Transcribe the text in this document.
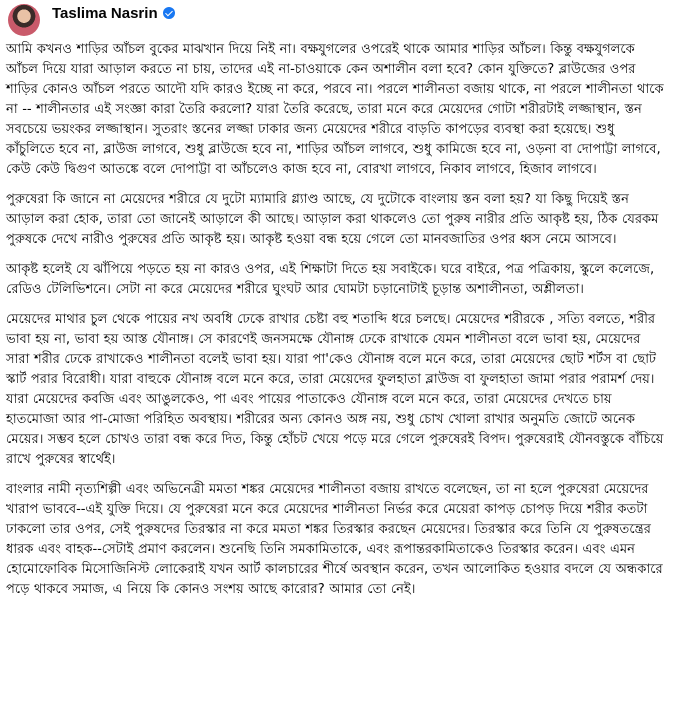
Taslima Nasrin

আমি কখনও শাড়ির আঁচল বুকের মাঝখান দিয়ে নিই না। বক্ষযুগলের ওপরেই থাকে আমার শাড়ির আঁচল। কিন্তু বক্ষযুগলকে আঁচল দিয়ে যারা আড়াল করতে না চায়, তাদের এই না-চাওয়াকে কেন অশালীন বলা হবে? কোন যুক্তিতে? ব্লাউজের ওপর শাড়ির কোনও আঁচল পরতে আদৌ যদি কারও ইচ্ছে না করে, পরবে না। পরলে শালীনতা বজায় থাকে, না পরলে শালীনতা থাকে না -- শালীনতার এই সংজ্ঞা কারা তৈরি করলো? যারা তৈরি করেছে, তারা মনে করে মেয়েদের গোটা শরীরটাই লজ্জাস্থান, স্তন সবচেয়ে ভয়ংকর লজ্জাস্থান। সুতরাং স্তনের লজ্জা ঢাকার জন্য মেয়েদের শরীরে বাড়তি কাপড়ের ব্যবস্থা করা হয়েছে। শুধু কাঁচুলিতে হবে না, ব্লাউজ লাগবে, শুধু ব্লাউজে হবে না, শাড়ির আঁচল লাগবে, শুধু কামিজে হবে না, ওড়না বা দোপাট্টা লাগবে, কেউ কেউ দ্বিগুণ আতঙ্কে বলে দোপাট্টা বা আঁচলেও কাজ হবে না, বোরখা লাগবে, নিকাব লাগবে, হিজাব লাগবে।

পুরুষেরা কি জানে না মেয়েদের শরীরে যে দুটো ম্যামারি গ্ল্যাণ্ড আছে, যে দুটোকে বাংলায় স্তন বলা হয়? যা কিছু দিয়েই স্তন আড়াল করা হোক, তারা তো জানেই আড়ালে কী আছে। আড়াল করা থাকলেও তো পুরুষ নারীর প্রতি আকৃষ্ট হয়, ঠিক যেরকম পুরুষকে দেখে নারীও পুরুষের প্রতি আকৃষ্ট হয়। আকৃষ্ট হওয়া বন্ধ হয়ে গেলে তো মানবজাতির ওপর ধ্বস নেমে আসবে।

আকৃষ্ট হলেই যে ঝাঁপিয়ে পড়তে হয় না কারও ওপর, এই শিক্ষাটা দিতে হয় সবাইকে। ঘরে বাইরে, পত্র পত্রিকায়, স্কুলে কলেজে, রেডিও টেলিভিশনে। সেটা না করে মেয়েদের শরীরে ঘুংঘট আর ঘোমটা চড়ানোটাই চূড়ান্ত অশালীনতা, অশ্লীলতা।

মেয়েদের মাথার চুল থেকে পায়ের নখ অবধি ঢেকে রাখার চেষ্টা বহু শতাব্দি ধরে চলছে। মেয়েদের শরীরকে , সত্যি বলতে, শরীর ভাবা হয় না, ভাবা হয় আস্ত যৌনাঙ্গ। সে কারণেই জনসমক্ষে যৌনাঙ্গ ঢেকে রাখাকে যেমন শালীনতা বলে ভাবা হয়, মেয়েদের সারা শরীর ঢেকে রাখাকেও শালীনতা বলেই ভাবা হয়। যারা পা'কেও যৌনাঙ্গ বলে মনে করে, তারা মেয়েদের ছোট শর্টস বা ছোট স্কার্ট পরার বিরোধী। যারা বাহুকে যৌনাঙ্গ বলে মনে করে, তারা মেয়েদের ফুলহাতা ব্লাউজ বা ফুলহাতা জামা পরার পরামর্শ দেয়। যারা মেয়েদের কবজি এবং আঙুলকেও, পা এবং পায়ের পাতাকেও যৌনাঙ্গ বলে মনে করে, তারা মেয়েদের দেখতে চায় হাতমোজা আর পা-মোজা পরিহিত অবস্থায়। শরীরের অন্য কোনও অঙ্গ নয়, শুধু চোখ খোলা রাখার অনুমতি জোটে অনেক মেয়ের। সম্ভব হলে চোখও তারা বন্ধ করে দিত, কিন্তু হোঁচট খেয়ে পড়ে মরে গেলে পুরুষেরই বিপদ। পুরুষেরাই যৌনবস্তুকে বাঁচিয়ে রাখে পুরুষের স্বার্থেই।

বাংলার নামী নৃত্যশিল্পী এবং অভিনেত্রী মমতা শঙ্কর মেয়েদের শালীনতা বজায় রাখতে বলেছেন, তা না হলে পুরুষেরা মেয়েদের খারাপ ভাববে--এই যুক্তি দিয়ে। যে পুরুষেরা মনে করে মেয়েদের শালীনতা নির্ভর করে মেয়েরা কাপড় চোপড় দিয়ে শরীর কতটা ঢাকলো তার ওপর, সেই পুরুষদের তিরস্কার না করে মমতা শঙ্কর তিরস্কার করছেন মেয়েদের। তিরস্কার করে তিনি যে পুরুষতন্ত্রের ধারক এবং বাহক--সেটাই প্রমাণ করলেন। শুনেছি তিনি সমকামিতাকে, এবং রূপান্তরকামিতাকেও তিরস্কার করেন। এবং এমন হোমোফোবিক মিসোজিনিস্ট লোকেরাই যখন আর্ট কালচারের শীর্ষে অবস্থান করেন, তখন আলোকিত হওয়ার বদলে যে অন্ধকারে পড়ে থাকবে সমাজ, এ নিয়ে কি কোনও সংশয় আছে কারোর? আমার তো নেই।
